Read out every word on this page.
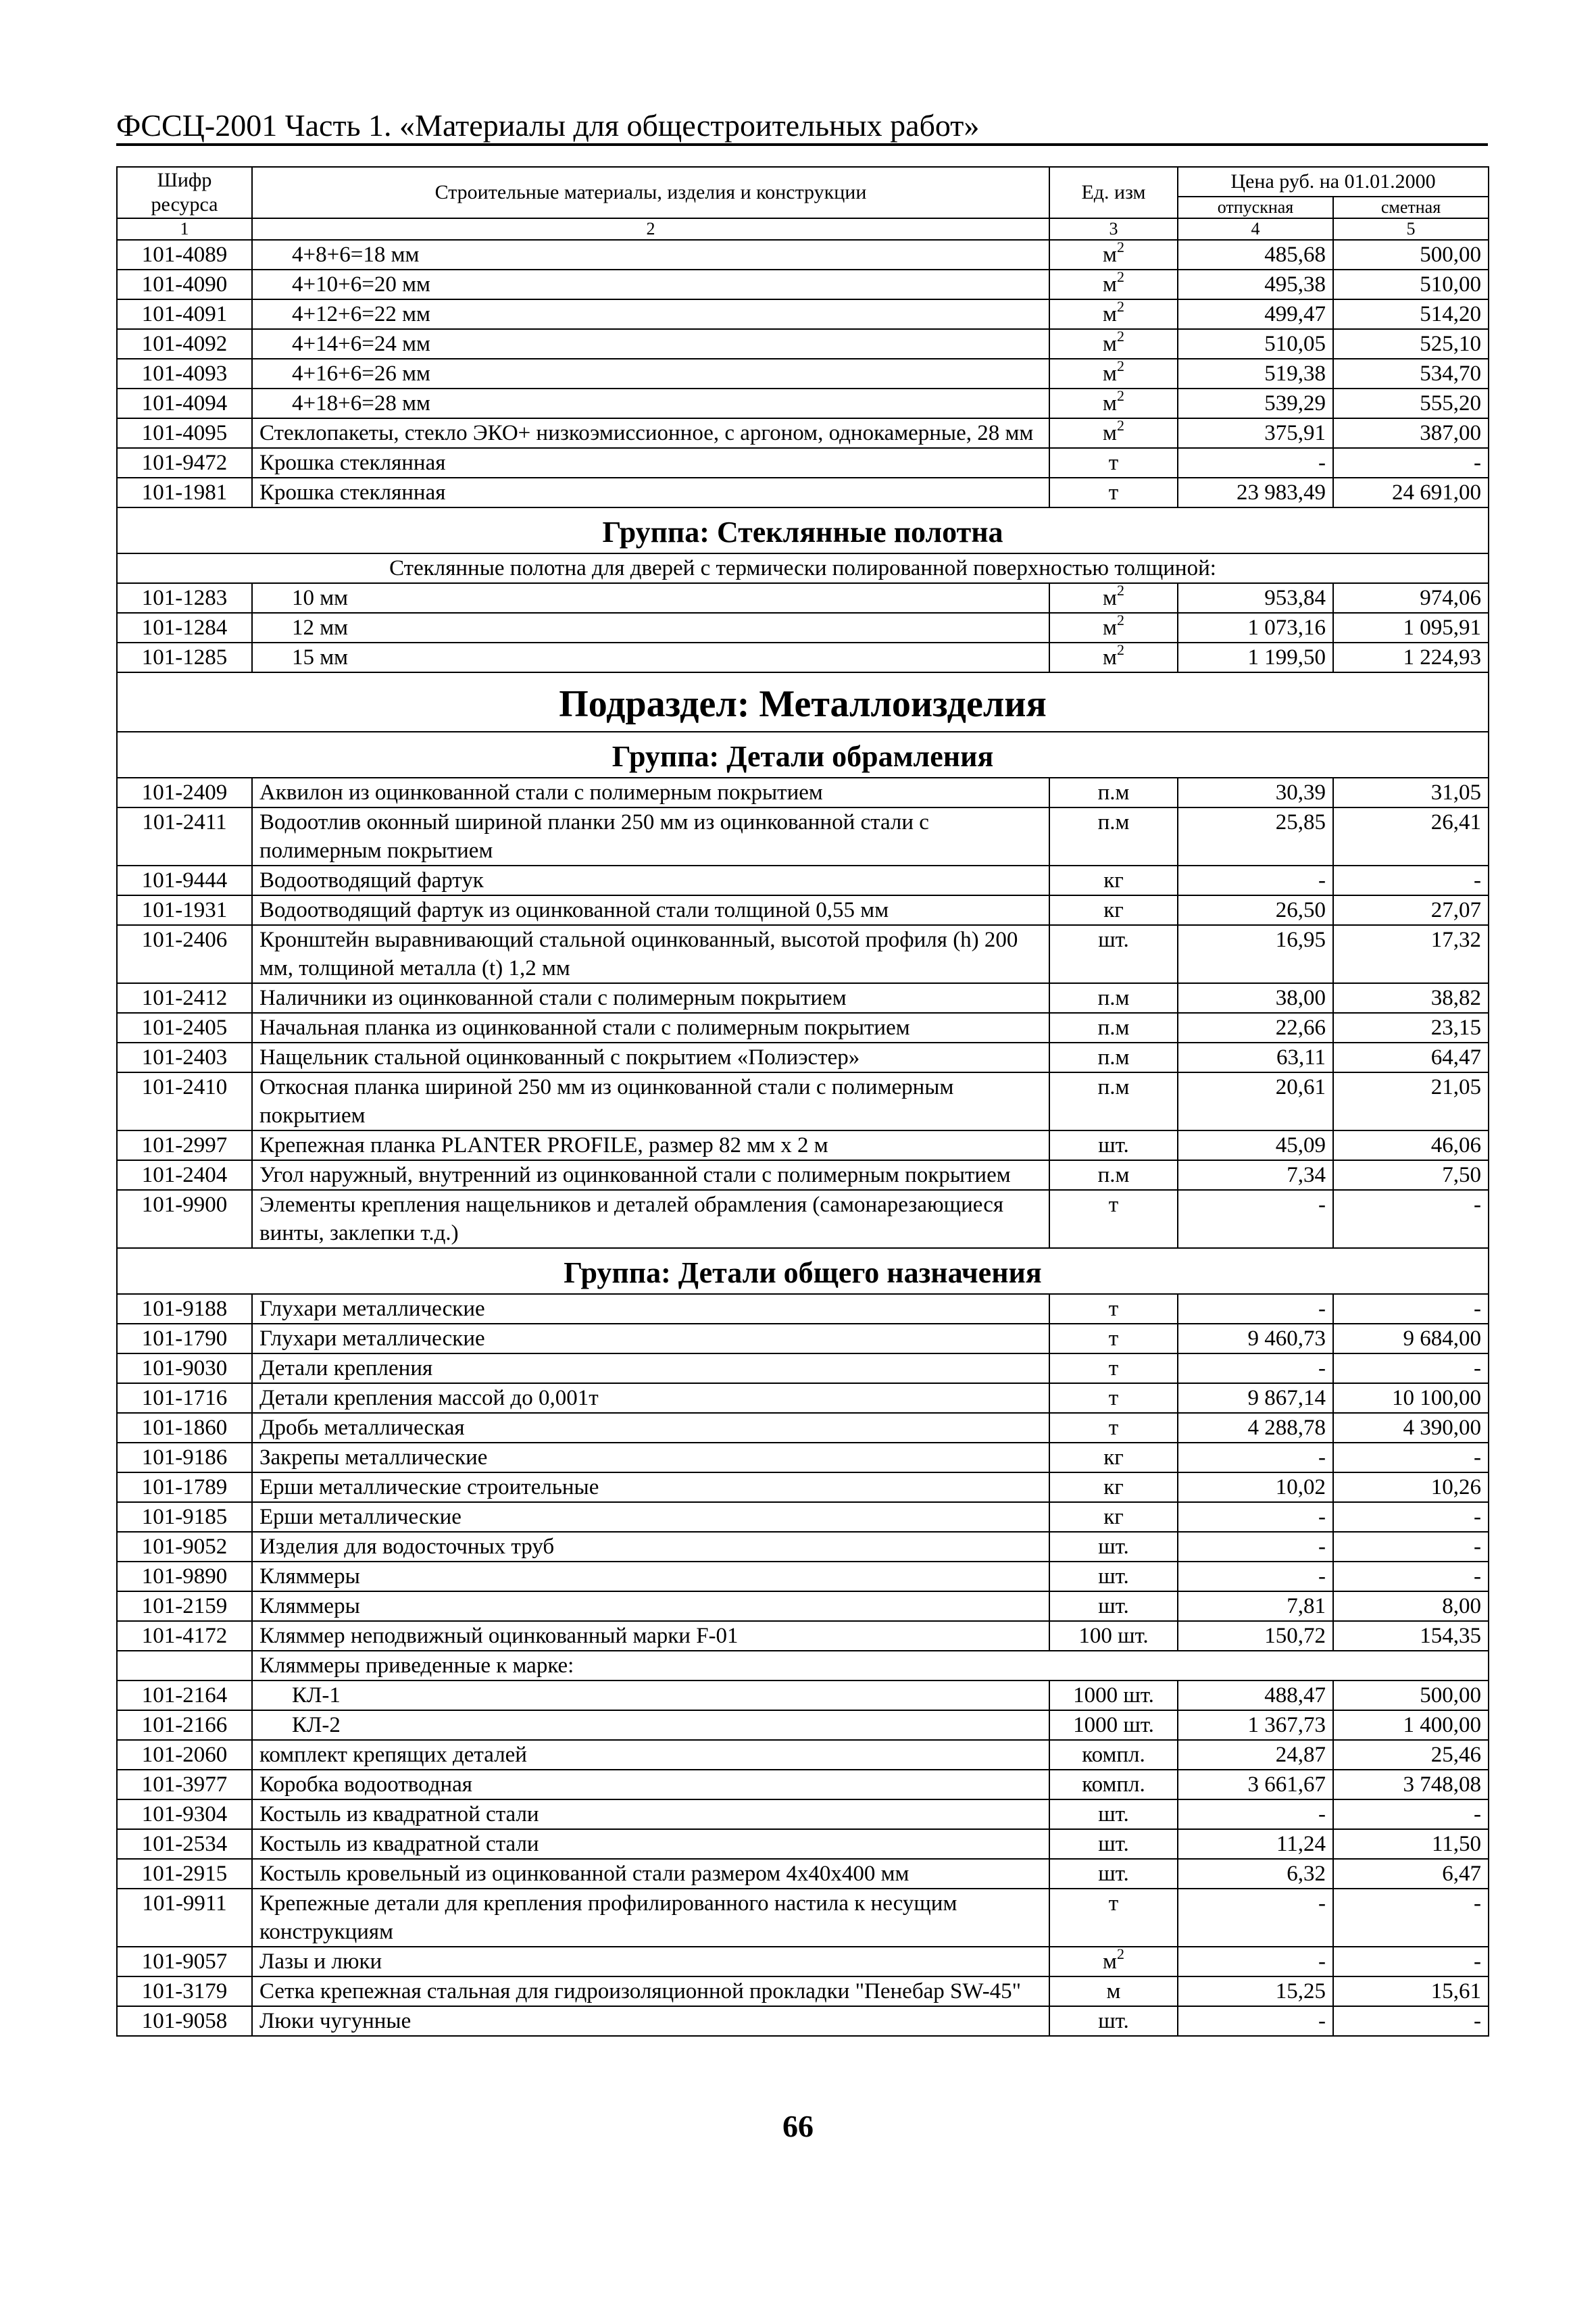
ФССЦ-2001 Часть 1. «Материалы для общестроительных работ»
Шифр ресурса	Строительные материалы, изделия и конструкции	Ед. изм	Цена руб. на 01.01.2000	
			отпускная	сметная
1	2	3	4	5
101-4089	4+8+6=18 мм	$м^2$	485,68	500,00
101-4090	4+10+6=20 мм	$м^2$	495,38	510,00
101-4091	4+12+6=22 мм	$м^2$	499,47	514,20
101-4092	4+14+6=24 мм	$м^2$	510,05	525,10
101-4093	4+16+6=26 мм	$м^2$	519,38	534,70
101-4094	4+18+6=28 мм	$м^2$	539,29	555,20
101-4095	Стеклопакеты, стекло ЭКО+ низкоэмиссионное, с аргоном, однокамерные, 28 мм	$м^2$	375,91	387,00
101-9472	Крошка стеклянная	т	-	-
101-1981	Крошка стеклянная	т	23 983,49	24 691,00
Группа: Стеклянные полотна				
Стеклянные полотна для дверей с термически полированной поверхностью толщиной:				
101-1283	10 мм	$м^2$	953,84	974,06
101-1284	12 мм	$м^2$	1 073,16	1 095,91
101-1285	15 мм	$м^2$	1 199,50	1 224,93
Подраздел: Металлоизделия				
Группа: Детали обрамления				
101-2409	Аквилон из оцинкованной стали с полимерным покрытием	п.м	30,39	31,05
101-2411	Водоотлив оконный шириной планки 250 мм из оцинкованной стали с полимерным покрытием	п.м	25,85	26,41
101-9444	Водоотводящий фартук	кг	-	-
101-1931	Водоотводящий фартук из оцинкованной стали толщиной 0,55 мм	кг	26,50	27,07
101-2406	Кронштейн выравнивающий стальной оцинкованный, высотой профиля (h) 200 мм, толщиной металла (t) 1,2 мм	шт.	16,95	17,32
101-2412	Наличники из оцинкованной стали с полимерным покрытием	п.м	38,00	38,82
101-2405	Начальная планка из оцинкованной стали с полимерным покрытием	п.м	22,66	23,15
101-2403	Нащельник стальной оцинкованный с покрытием «Полиэстер»	п.м	63,11	64,47
101-2410	Откосная планка шириной 250 мм из оцинкованной стали с полимерным покрытием	п.м	20,61	21,05
101-2997	Крепежная планка PLANTER PROFILE, размер 82 мм х 2 м	шт.	45,09	46,06
101-2404	Угол наружный, внутренний из оцинкованной стали с полимерным покрытием	п.м	7,34	7,50
101-9900	Элементы крепления нащельников и деталей обрамления (самонарезающиеся винты, заклепки т.д.)	т	-	-
Группа: Детали общего назначения				
101-9188	Глухари металлические	т	-	-
101-1790	Глухари металлические	т	9 460,73	9 684,00
101-9030	Детали крепления	т	-	-
101-1716	Детали крепления массой до 0,001т	т	9 867,14	10 100,00
101-1860	Дробь металлическая	т	4 288,78	4 390,00
101-9186	Закрепы металлические	кг	-	-
101-1789	Ерши металлические строительные	кг	10,02	10,26
101-9185	Ерши металлические	кг	-	-
101-9052	Изделия для водосточных труб	шт.	-	-
101-9890	Кляммеры	шт.	-	-
101-2159	Кляммеры	шт.	7,81	8,00
101-4172	Кляммер неподвижный оцинкованный марки F-01	100 шт.	150,72	154,35
	Кляммеры приведенные к марке:			
101-2164	КЛ-1	1000 шт.	488,47	500,00
101-2166	КЛ-2	1000 шт.	1 367,73	1 400,00
101-2060	комплект крепящих деталей	компл.	24,87	25,46
101-3977	Коробка водоотводная	компл.	3 661,67	3 748,08
101-9304	Костыль из квадратной стали	шт.	-	-
101-2534	Костыль из квадратной стали	шт.	11,24	11,50
101-2915	Костыль кровельный из оцинкованной стали размером 4х40х400 мм	шт.	6,32	6,47
101-9911	Крепежные детали для крепления профилированного настила к несущим конструкциям	т	-	-
101-9057	Лазы и люки	$м^2$	-	-
101-3179	Сетка крепежная стальная для гидроизоляционной прокладки "Пенебар SW-45"	м	15,25	15,61
101-9058	Люки чугунные	шт.	-	-
66
